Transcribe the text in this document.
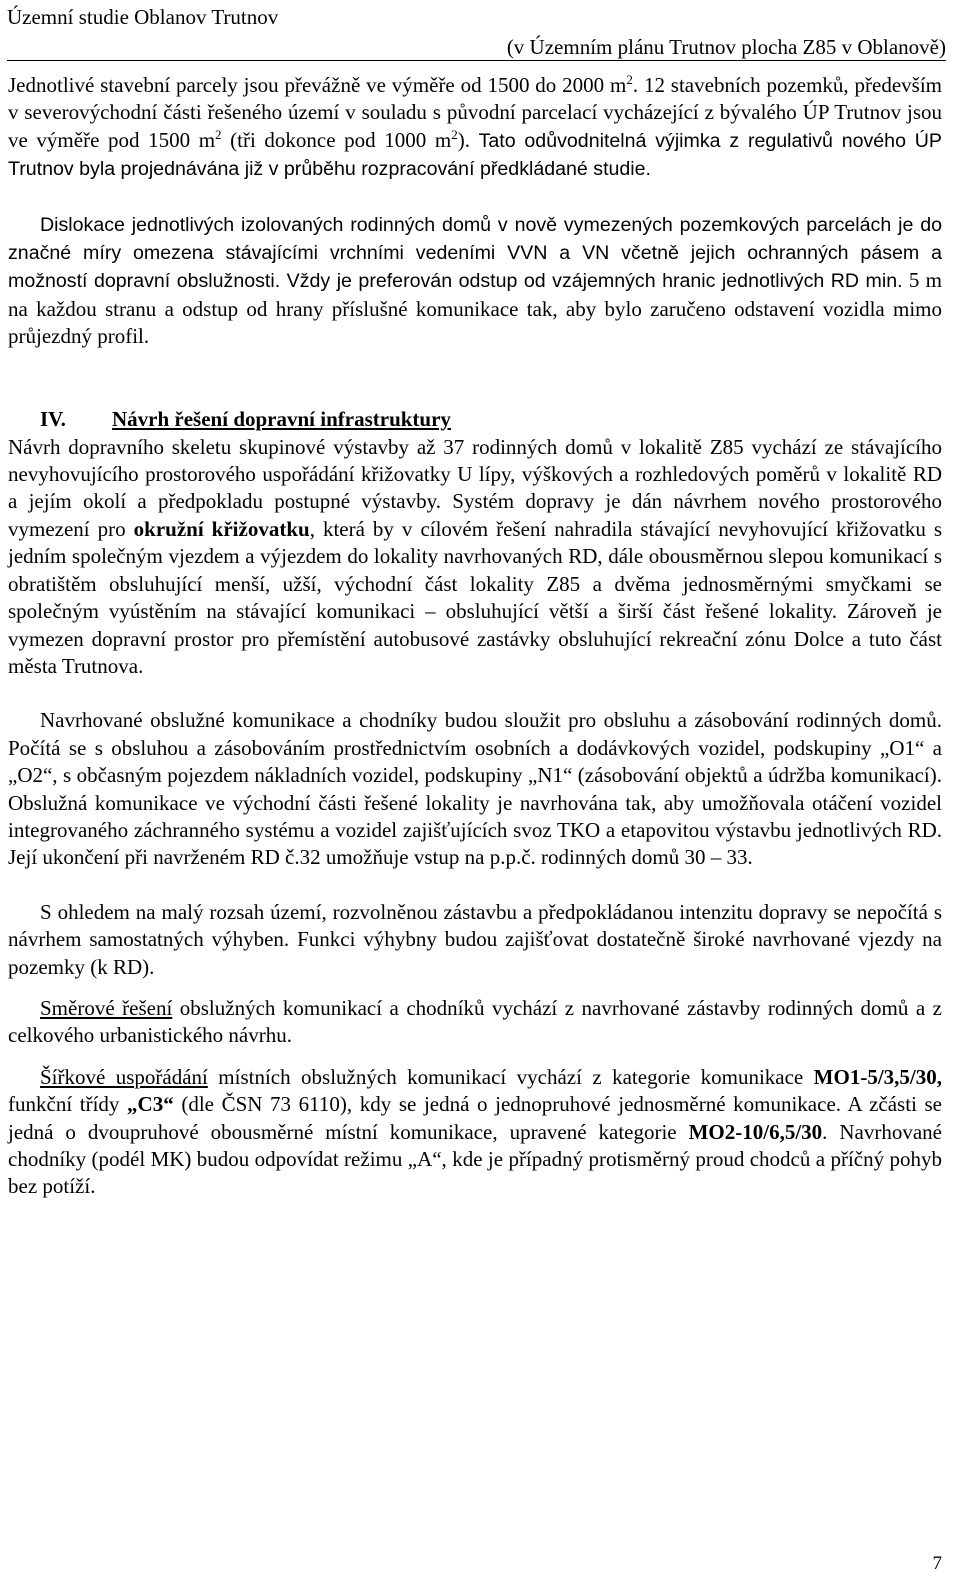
Územní studie Oblanov Trutnov
(v Územním plánu Trutnov plocha Z85 v Oblanově)

Jednotlivé stavební parcely jsou převážně ve výměře od 1500 do 2000 $m^2$. 12 stavebních pozemků, především v severovýchodní části řešeného území v souladu s původní parcelací vycházející z bývalého ÚP Trutnov jsou ve výměře pod 1500 $m^2$ (tři dokonce pod 1000 $m^2$). Tato odůvodnitelná výjimka z regulativů nového ÚP Trutnov byla projednávána již v průběhu rozpracování předkládané studie.

Dislokace jednotlivých izolovaných rodinných domů v nově vymezených pozemkových parcelách je do značné míry omezena stávajícími vrchními vedeními VVN a VN včetně jejich ochranných pásem a možností dopravní obslužnosti. Vždy je preferován odstup od vzájemných hranic jednotlivých RD min. 5 m na každou stranu a odstup od hrany příslušné komunikace tak, aby bylo zaručeno odstavení vozidla mimo průjezdný profil.

IV. Návrh řešení dopravní infrastruktury

Návrh dopravního skeletu skupinové výstavby až 37 rodinných domů v lokalitě Z85 vychází ze stávajícího nevyhovujícího prostorového uspořádání křižovatky U lípy, výškových a rozhledových poměrů v lokalitě RD a jejím okolí a předpokladu postupné výstavby. Systém dopravy je dán návrhem nového prostorového vymezení pro okružní křižovatku, která by v cílovém řešení nahradila stávající nevyhovující křižovatku s jedním společným vjezdem a výjezdem do lokality navrhovaných RD, dále obousměrnou slepou komunikací s obratištěm obsluhující menší, užší, východní část lokality Z85 a dvěma jednosměrnými smyčkami se společným vyústěním na stávající komunikaci – obsluhující větší a širší část řešené lokality. Zároveň je vymezen dopravní prostor pro přemístění autobusové zastávky obsluhující rekreační zónu Dolce a tuto část města Trutnova.

Navrhované obslužné komunikace a chodníky budou sloužit pro obsluhu a zásobování rodinných domů. Počítá se s obsluhou a zásobováním prostřednictvím osobních a dodávkových vozidel, podskupiny „O1“ a „O2“, s občasným pojezdem nákladních vozidel, podskupiny „N1“ (zásobování objektů a údržba komunikací). Obslužná komunikace ve východní části řešené lokality je navrhována tak, aby umožňovala otáčení vozidel integrovaného záchranného systému a vozidel zajišťujících svoz TKO a etapovitou výstavbu jednotlivých RD. Její ukončení při navrženém RD č.32 umožňuje vstup na p.p.č. rodinných domů 30 – 33.

S ohledem na malý rozsah území, rozvolněnou zástavbu a předpokládanou intenzitu dopravy se nepočítá s návrhem samostatných výhyben. Funkci výhybny budou zajišťovat dostatečně široké navrhované vjezdy na pozemky (k RD).

Směrové řešení obslužných komunikací a chodníků vychází z navrhované zástavby rodinných domů a z celkového urbanistického návrhu.

Šířkové uspořádání místních obslužných komunikací vychází z kategorie komunikace MO1-5/3,5/30, funkční třídy „C3“ (dle ČSN 73 6110), kdy se jedná o jednopruhové jednosměrné komunikace. A zčásti se jedná o dvoupruhové obousměrné místní komunikace, upravené kategorie MO2-10/6,5/30. Navrhované chodníky (podél MK) budou odpovídat režimu „A“, kde je případný protisměrný proud chodců a příčný pohyb bez potíží.

7
